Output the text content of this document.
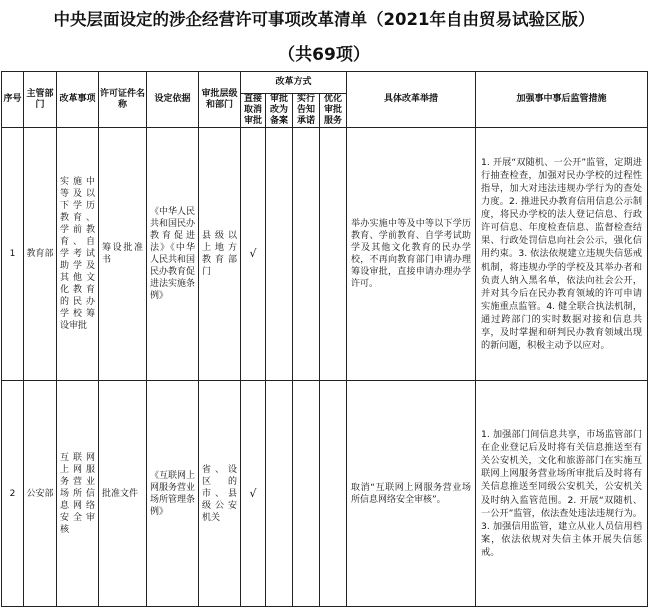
中央层面设定的涉企经营许可事项改革清单（2021年自由贸易试验区版）
（共69项）
序号	主管部门	改革事项	许可证件名称	设定依据	审批层级和部门	改革方式				具体改革举措	加强事中事后监管措施
						直接取消审批	审批改为备案	实行告知承诺	优化审批服务		
1	教育部	实施中等及以下学历教育、学前教育、自学考试助学及其他文化教育的民办学校筹设审批	筹设批准书	《中华人民共和国民办教育促进法》《中华人民共和国民办教育促进法实施条例》	县级以上地方教育部门	√				举办实施中等及中等以下学历教育、学前教育、自学考试助学及其他文化教育的民办学校，不再向教育部门申请办理筹设审批，直接申请办理办学许可。	1. 开展“双随机、一公开”监管，定期进行抽查检查，加强对民办学校的过程性指导，加大对违法违规办学行为的查处力度。2. 推进民办教育信用信息公示制度，将民办学校的法人登记信息、行政许可信息、年度检查信息、监督检查结果、行政处罚信息向社会公示，强化信用约束。3. 依法依规建立违规失信惩戒机制，将违规办学的学校及其举办者和负责人纳入黑名单，依法向社会公开，并对其今后在民办教育领域的许可申请实施重点监管。4. 健全联合执法机制，通过跨部门的实时数据对接和信息共享，及时掌握和研判民办教育领域出现的新问题，积极主动予以应对。
2	公安部	互联网上网服务营业场所信息网络安全审核	批准文件	《互联网上网服务营业场所管理条例》	省、设区的市、县级公安机关	√				取消“互联网上网服务营业场所信息网络安全审核”。	1. 加强部门间信息共享，市场监管部门在企业登记后及时将有关信息推送至有关公安机关，文化和旅游部门在实施互联网上网服务营业场所审批后及时将有关信息推送至同级公安机关，公安机关及时纳入监管范围。2. 开展“双随机、一公开”监管，依法查处违法违规行为。3. 加强信用监管，建立从业人员信用档案，依法依规对失信主体开展失信惩戒。
